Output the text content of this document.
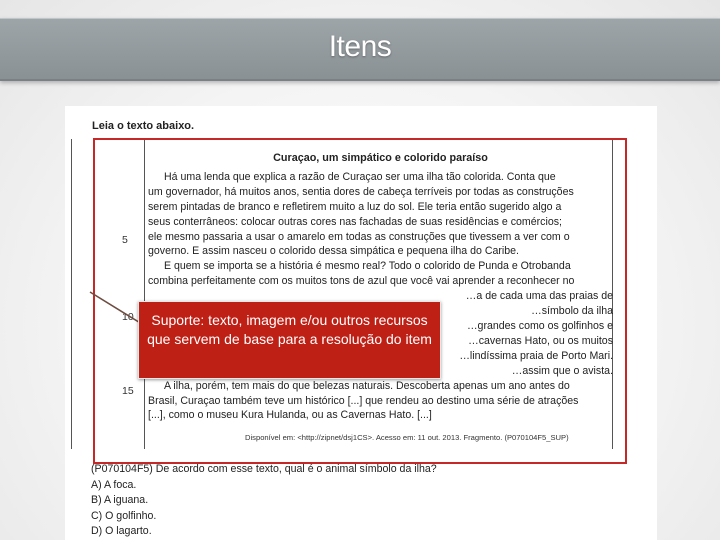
Itens
Leia o texto abaixo.
5
10
15
Curaçao, um simpático e colorido paraíso

Há uma lenda que explica a razão de Curaçao ser uma ilha tão colorida. Conta que

um governador, há muitos anos, sentia dores de cabeça terríveis por todas as construções

serem pintadas de branco e refletirem muito a luz do sol. Ele teria então sugerido algo a

seus conterrâneos: colocar outras cores nas fachadas de suas residências e comércios;

ele mesmo passaria a usar o amarelo em todas as construções que tivessem a ver com o

governo. E assim nasceu o colorido dessa simpática e pequena ilha do Caribe.

E quem se importa se a história é mesmo real? Todo o colorido de Punda e Otrobanda

combina perfeitamente com os muitos tons de azul que você vai aprender a reconhecer no

…a de cada uma das praias de

…símbolo da ilha

…grandes como os golfinhos e

…cavernas Hato, ou os muitos

…lindíssima praia de Porto Mari.

…assim que o avista.

A ilha, porém, tem mais do que belezas naturais. Descoberta apenas um ano antes do

Brasil, Curaçao também teve um histórico [...] que rendeu ao destino uma série de atrações

[...], como o museu Kura Hulanda, ou as Cavernas Hato. [...]

Disponível em: <http://zipnet/dsj1CS>. Acesso em: 11 out. 2013. Fragmento. (P070104F5_SUP)
(P070104F5) De acordo com esse texto, qual é o animal símbolo da ilha?
A) A foca.
B) A iguana.
C) O golfinho.
D) O lagarto.
Suporte: texto, imagem e/ou outros recursos que servem de base para a resolução do item
